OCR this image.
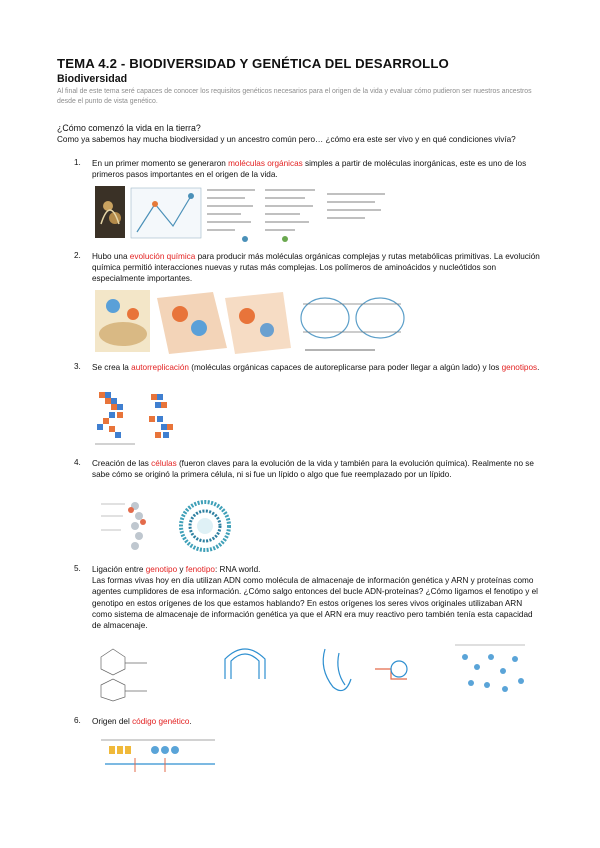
TEMA 4.2 - BIODIVERSIDAD Y GENÉTICA DEL DESARROLLO
Biodiversidad
Al final de este tema seré capaces de conocer los requisitos genéticos necesarios para el origen de la vida y evaluar cómo pudieron ser nuestros ancestros desde el punto de vista genético.
¿Cómo comenzó la vida en la tierra?
Como ya sabemos hay mucha biodiversidad y un ancestro común pero… ¿cómo era este ser vivo y en qué condiciones vivía?
1. En un primer momento se generaron moléculas orgánicas simples a partir de moléculas inorgánicas, este es uno de los primeros pasos importantes en el origen de la vida.
2. Hubo una evolución química para producir más moléculas orgánicas complejas y rutas metabólicas primitivas. La evolución química permitió interacciones nuevas y rutas más complejas. Los polímeros de aminoácidos y nucleótidos son especialmente importantes.
3. Se crea la autorreplicación (moléculas orgánicas capaces de autoreplicarse para poder llegar a algún lado) y los genotipos.
4. Creación de las células (fueron claves para la evolución de la vida y también para la evolución química). Realmente no se sabe cómo se originó la primera célula, ni si fue un lípido o algo que fue reemplazado por un lípido.
5. Ligación entre genotipo y fenotipo: RNA world.
Las formas vivas hoy en día utilizan ADN como molécula de almacenaje de información genética y ARN y proteínas como agentes cumplidores de esa información. ¿Cómo salgo entonces del bucle ADN-proteínas? ¿Cómo ligamos el fenotipo y el genotipo en estos orígenes de los que estamos hablando? En estos orígenes los seres vivos originales utilizaban ARN como sistema de almacenaje de información genética ya que el ARN era muy reactivo pero también tenía esta capacidad de almacenaje.
6. Origen del código genético.
